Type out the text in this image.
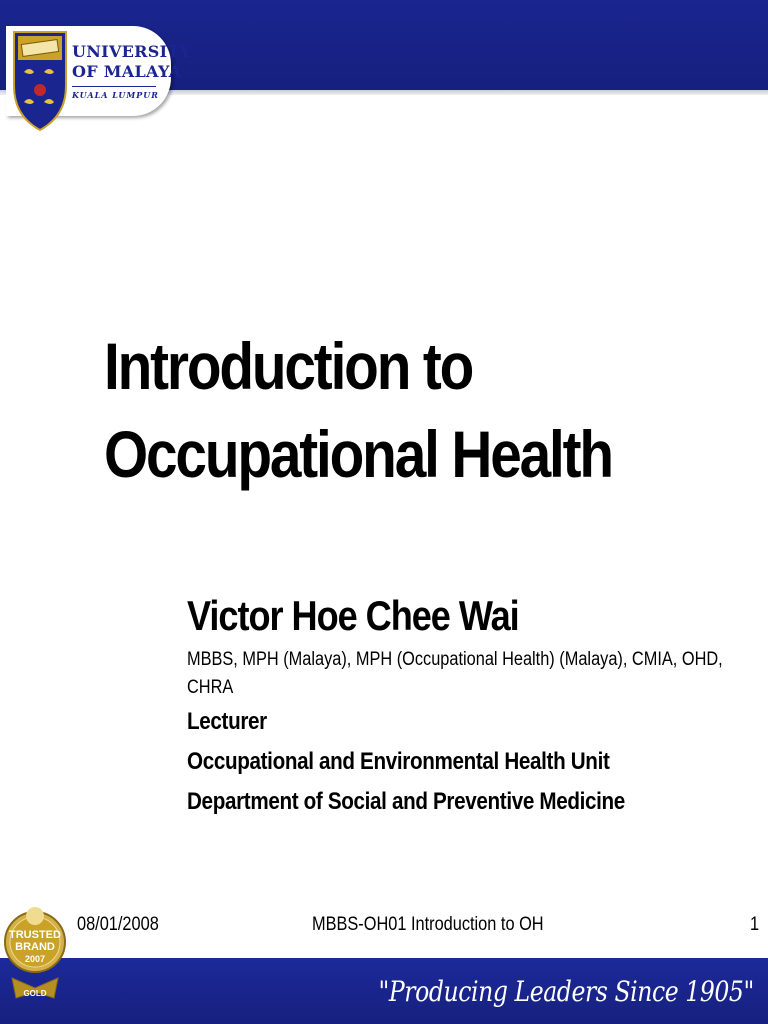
UNIVERSITY
OF MALAYA
KUALA LUMPUR
Introduction to
Occupational Health
Victor Hoe Chee Wai
MBBS, MPH (Malaya), MPH (Occupational Health) (Malaya), CMIA, OHD, CHRA
Lecturer
Occupational and Environmental Health Unit
Department of Social and Preventive Medicine
08/01/2008	MBBS-OH01 Introduction to OH	1
"Producing Leaders Since 1905"
TRUSTED
BRAND
2007
GOLD
